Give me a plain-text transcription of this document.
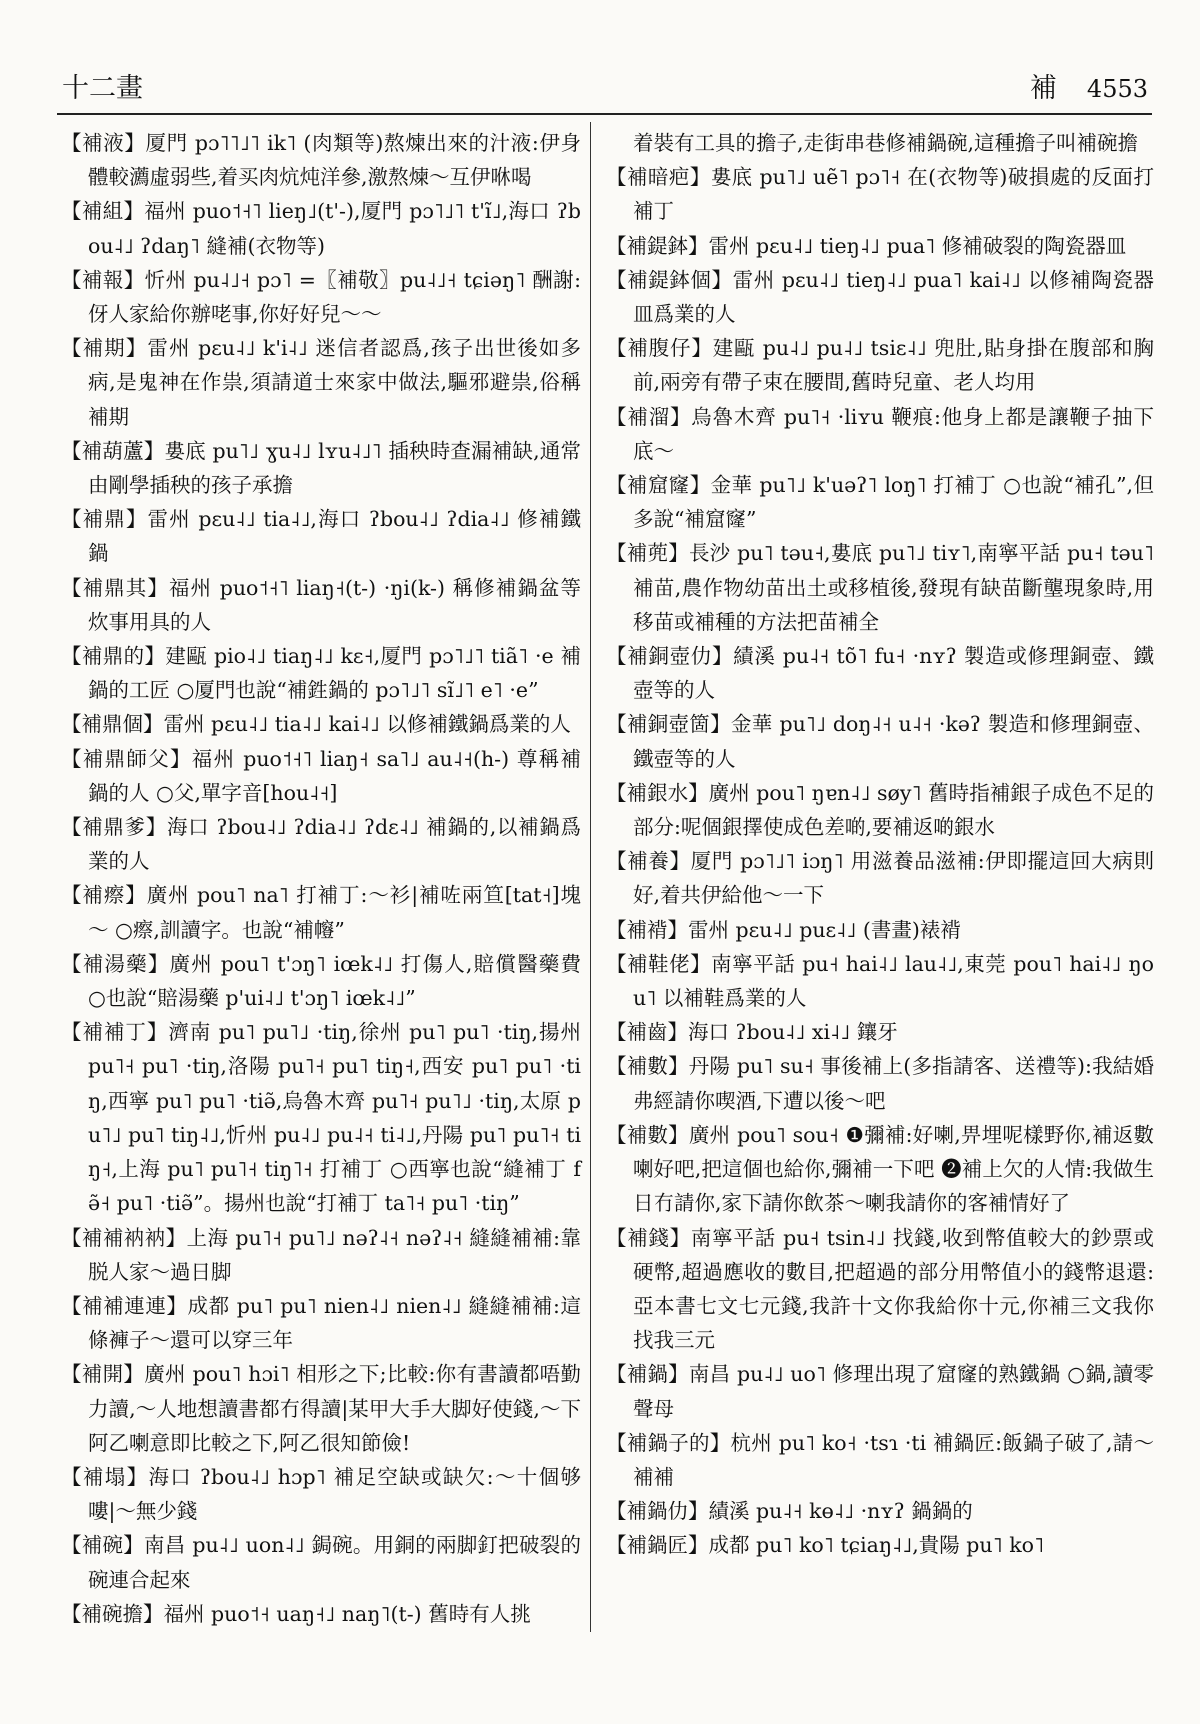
十二畫	補 4553

【補液】厦門 pɔ˥˥˩˥ ik˥ (肉類等)熬煉出來的汁液:伊身體較瀳虛弱些,着买肉炕炖洋參,激熬煉～互伊咻喝

【補組】福州 puo˦˧˥ lieŋ˩(t'-),厦門 pɔ˥˩˥ t'ĩ˩,海口 ʔbou˨˩ ʔdaŋ˥ 縫補(衣物等)

【補報】忻州 pu˨˩˧ pɔ˥ =〖補敬〗pu˨˩˧ tɕiəŋ˥ 酬謝:伢人家給你辦咾事,你好好兒～～

【補期】雷州 pɛu˨˩ k'i˨˩ 迷信者認爲,孩子出世後如多病,是鬼神在作祟,須請道士來家中做法,驅邪避祟,俗稱補期

【補葫蘆】婁底 pu˥˩ ɣu˨˩ lʏu˨˩˥ 插秧時查漏補缺,通常由剛學插秧的孩子承擔

【補鼎】雷州 pɛu˨˩ tia˨˩,海口 ʔbou˨˩ ʔdia˨˩ 修補鐵鍋

【補鼎其】福州 puo˦˧˥ liaŋ˧(t-) ·ŋi(k-) 稱修補鍋盆等炊事用具的人

【補鼎的】建甌 pio˨˩ tiaŋ˨˩ kɛ˧,厦門 pɔ˥˩˥ tiã˥ ·e 補鍋的工匠 ○厦門也說“補鉎鍋的 pɔ˥˩˥ sĩ˩˥ e˥ ·e”

【補鼎個】雷州 pɛu˨˩ tia˨˩ kai˨˩ 以修補鐵鍋爲業的人

【補鼎師父】福州 puo˦˧˥ liaŋ˧ sa˥˩ au˨˧(h-) 尊稱補鍋的人 ○父,單字音[hou˨˧]

【補鼎爹】海口 ʔbou˨˩ ʔdia˨˩ ʔdɛ˨˩ 補鍋的,以補鍋爲業的人

【補瘵】廣州 pou˥ na˥ 打補丁:～衫|補咗兩笪[tat˧]塊～ ○瘵,訓讀字。也說“補㡧”

【補湯藥】廣州 pou˥ t'ɔŋ˥ iœk˨˩ 打傷人,賠償醫藥費 ○也說“賠湯藥 p'ui˨˩ t'ɔŋ˥ iœk˨˩”

【補補丁】濟南 pu˥ pu˥˩ ·tiŋ,徐州 pu˥ pu˥ ·tiŋ,揚州 pu˥˧ pu˥ ·tiŋ,洛陽 pu˥˧ pu˥ tiŋ˧,西安 pu˥ pu˥ ·tiŋ,西寧 pu˥ pu˥ ·tiə̃,烏魯木齊 pu˥˧ pu˥˩ ·tiŋ,太原 pu˥˩ pu˥ tiŋ˨˩,忻州 pu˨˩ pu˨˧ ti˨˩,丹陽 pu˥ pu˥˧ tiŋ˧,上海 pu˥ pu˥˧ tiŋ˥˧ 打補丁 ○西寧也說“縫補丁 fə̃˧ pu˥ ·tiə̃”。揚州也說“打補丁 ta˥˧ pu˥ ·tiŋ”

【補補衲衲】上海 pu˥˧ pu˥˩ nəʔ˨˧ nəʔ˨˧ 縫縫補補:靠脱人家～過日脚

【補補連連】成都 pu˥ pu˥ nien˨˩ nien˨˩ 縫縫補補:這條褲子～還可以穿三年

【補開】廣州 pou˥ hɔi˥ 相形之下;比較:你有書讀都唔勤力讀,～人地想讀書都冇得讀|某甲大手大脚好使錢,～下阿乙喇意即比較之下,阿乙很知節儉!

【補塌】海口 ʔbou˨˩ hɔp˥ 補足空缺或缺欠:～十個够嘍|～無少錢

【補碗】南昌 pu˨˩ uon˨˩ 鋦碗。用銅的兩脚釘把破裂的碗連合起來

【補碗擔】福州 puo˦˧ uaŋ˧˩ naŋ˥(t-) 舊時有人挑

着裝有工具的擔子,走街串巷修補鍋碗,這種擔子叫補碗擔

【補暗疤】婁底 pu˥˩ uẽ˥ pɔ˥˧ 在(衣物等)破損處的反面打補丁

【補鍉鉢】雷州 pɛu˨˩ tieŋ˨˩ pua˥ 修補破裂的陶瓷器皿

【補鍉鉢個】雷州 pɛu˨˩ tieŋ˨˩ pua˥ kai˨˩ 以修補陶瓷器皿爲業的人

【補腹仔】建甌 pu˨˩ pu˨˩ tsiɛ˨˩ 兜肚,貼身掛在腹部和胸前,兩旁有帶子束在腰間,舊時兒童、老人均用

【補溜】烏魯木齊 pu˥˧ ·liʏu 鞭痕:他身上都是讓鞭子抽下底～

【補窟窿】金華 pu˥˩ k'uəʔ˥ loŋ˥ 打補丁 ○也說“補孔”,但多說“補窟窿”

【補蔸】長沙 pu˥ təu˧,婁底 pu˥˩ tiʏ˥,南寧平話 pu˧ təu˥ 補苗,農作物幼苗出土或移植後,發現有缺苗斷壟現象時,用移苗或補種的方法把苗補全

【補銅壺仂】績溪 pu˨˧ tõ˥ fu˧ ·nʏʔ 製造或修理銅壺、鐵壺等的人

【補銅壺箇】金華 pu˥˩ doŋ˨˧ u˨˧ ·kəʔ 製造和修理銅壺、鐵壺等的人

【補銀水】廣州 pou˥ ŋɐn˨˩ søy˥ 舊時指補銀子成色不足的部分:呢個銀擇使成色差啲,要補返啲銀水

【補養】厦門 pɔ˥˩˥ iɔŋ˥ 用滋養品滋補:伊即擺這回大病則好,着共伊給他～一下

【補褙】雷州 pɛu˨˩ puɛ˨˩ (書畫)裱褙

【補鞋佬】南寧平話 pu˧ hai˨˩ lau˨˩,東莞 pou˥ hai˨˩ ŋou˥ 以補鞋爲業的人

【補齒】海口 ʔbou˨˩ xi˨˩ 鑲牙

【補數】丹陽 pu˥ su˧ 事後補上(多指請客、送禮等):我結婚弗經請你喫酒,下遭以後～吧

【補數】廣州 pou˥ sou˧ ❶彌補:好喇,畀埋呢樣野你,補返數喇好吧,把這個也給你,彌補一下吧 ❷補上欠的人情:我做生日冇請你,家下請你飲茶～喇我請你的客補情好了

【補錢】南寧平話 pu˧ tsin˨˩ 找錢,收到幣值較大的鈔票或硬幣,超過應收的數目,把超過的部分用幣值小的錢幣退還:亞本書七文七元錢,我許十文你我給你十元,你補三文我你找我三元

【補鍋】南昌 pu˨˩ uo˥ 修理出現了窟窿的熟鐵鍋 ○鍋,讀零聲母

【補鍋子的】杭州 pu˥ ko˧ ·tsɿ ·ti 補鍋匠:飯鍋子破了,請～補補

【補鍋仂】績溪 pu˨˧ kɵ˨˩ ·nʏʔ 鍋鍋的

【補鍋匠】成都 pu˥ ko˥ tɕiaŋ˨˩,貴陽 pu˥ ko˥
